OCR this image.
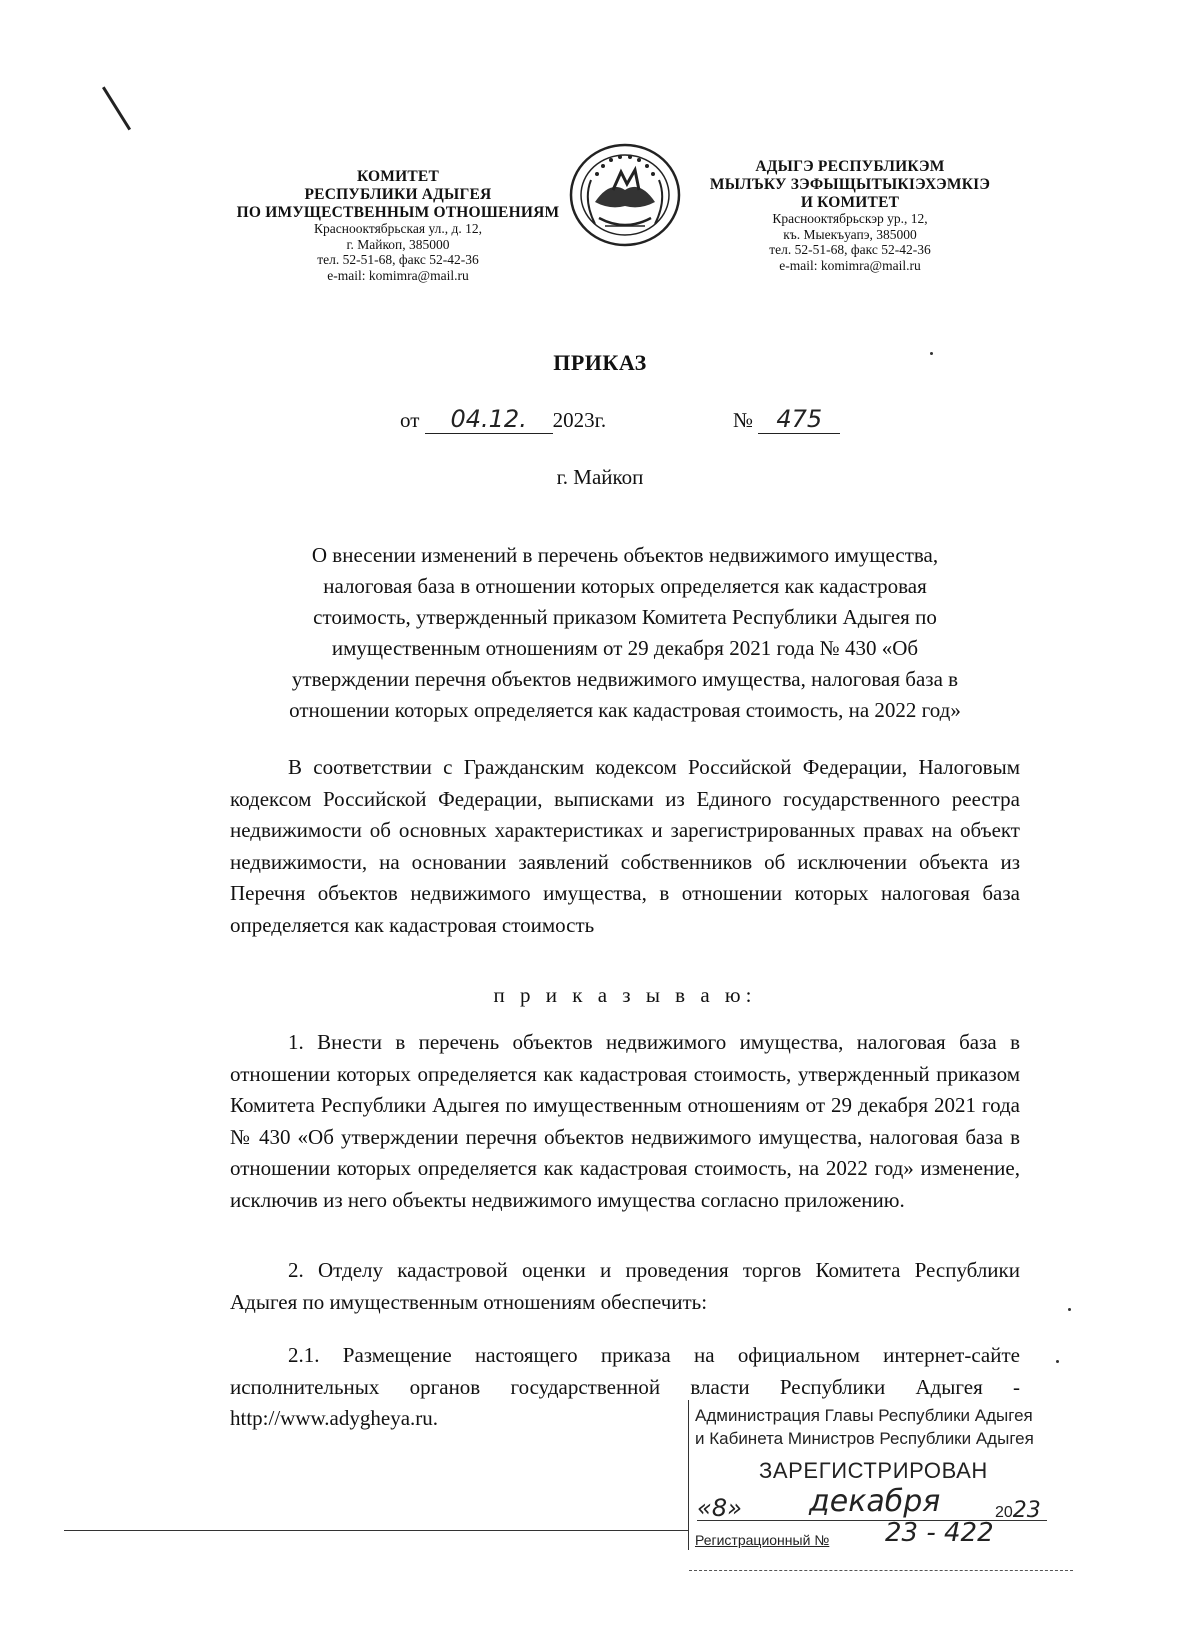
КОМИТЕТ
РЕСПУБЛИКИ АДЫГЕЯ
ПО ИМУЩЕСТВЕННЫМ ОТНОШЕНИЯМ
Краснооктябрьская ул., д. 12,
г. Майкоп, 385000
тел. 52-51-68, факс 52-42-36
e-mail: komimra@mail.ru
АДЫГЭ РЕСПУБЛИКЭМ
МЫЛЪКУ ЗЭФЫЩЫТЫКIЭХЭМКIЭ
И КОМИТЕТ
Краснооктябрьскэр ур., 12,
къ. Мыекъуапэ, 385000
тел. 52-51-68, факс 52-42-36
e-mail: komimra@mail.ru
ПРИКАЗ
от 04.12. 2023г.	№ 475
г. Майкоп
О внесении изменений в перечень объектов недвижимого имущества,
налоговая база в отношении которых определяется как кадастровая
стоимость, утвержденный приказом Комитета Республики Адыгея по
имущественным отношениям от 29 декабря 2021 года № 430 «Об
утверждении перечня объектов недвижимого имущества, налоговая база в
отношении которых определяется как кадастровая стоимость, на 2022 год»
В соответствии с Гражданским кодексом Российской Федерации, Налоговым кодексом Российской Федерации, выписками из Единого государственного реестра недвижимости об основных характеристиках и зарегистрированных правах на объект недвижимости, на основании заявлений собственников об исключении объекта из Перечня объектов недвижимого имущества, в отношении которых налоговая база определяется как кадастровая стоимость
п р и к а з ы в а ю:
1. Внести в перечень объектов недвижимого имущества, налоговая база в отношении которых определяется как кадастровая стоимость, утвержденный приказом Комитета Республики Адыгея по имущественным отношениям от 29 декабря 2021 года № 430 «Об утверждении перечня объектов недвижимого имущества, налоговая база в отношении которых определяется как кадастровая стоимость, на 2022 год» изменение, исключив из него объекты недвижимого имущества согласно приложению.
2. Отделу кадастровой оценки и проведения торгов Комитета Республики Адыгея по имущественным отношениям обеспечить:
2.1. Размещение настоящего приказа на официальном интернет-сайте исполнительных органов государственной власти Республики Адыгея - http://www.adygheya.ru.	Администрация Главы Республики Адыгея
и Кабинета Министров Республики Адыгея
ЗАРЕГИСТРИРОВАН
«8» декабря	2023
Регистрационный № 23 - 422
